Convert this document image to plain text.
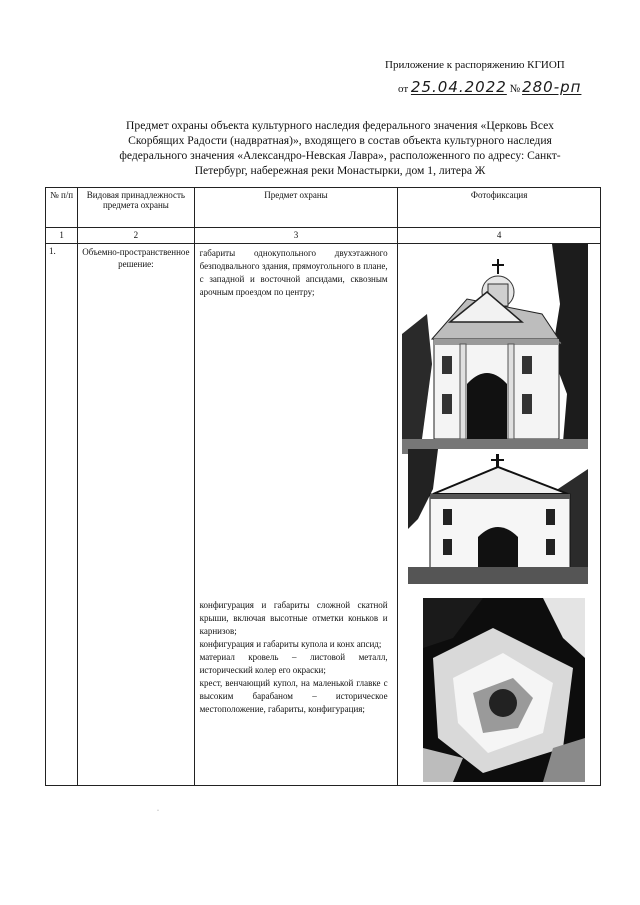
Приложение к распоряжению КГИОП
от 25.04.2022 № 280-рп
Предмет охраны объекта культурного наследия федерального значения «Церковь Всех Скорбящих Радости (надвратная)», входящего в состав объекта культурного наследия федерального значения «Александро-Невская Лавра», расположенного по адресу: Санкт-Петербург, набережная реки Монастырки, дом 1, литера Ж
№ п/п	Видовая принадлежность предмета охраны	Предмет охраны	Фотофиксация
1	2	3	4
1.	Объемно-пространственное решение:	габариты однокупольного двухэтажного безподвального здания, прямоугольного в плане, с западной и восточной апсидами, сквозным арочным проездом по центру;

конфигурация и габариты сложной скатной крыши, включая высотные отметки коньков и карнизов;

конфигурация и габариты купола и конх апсид;

материал кровель – листовой металл, исторический колер его окраски;

крест, венчающий купол, на маленькой главке с высоким барабаном – историческое местоположение, габариты, конфигурация;

·
